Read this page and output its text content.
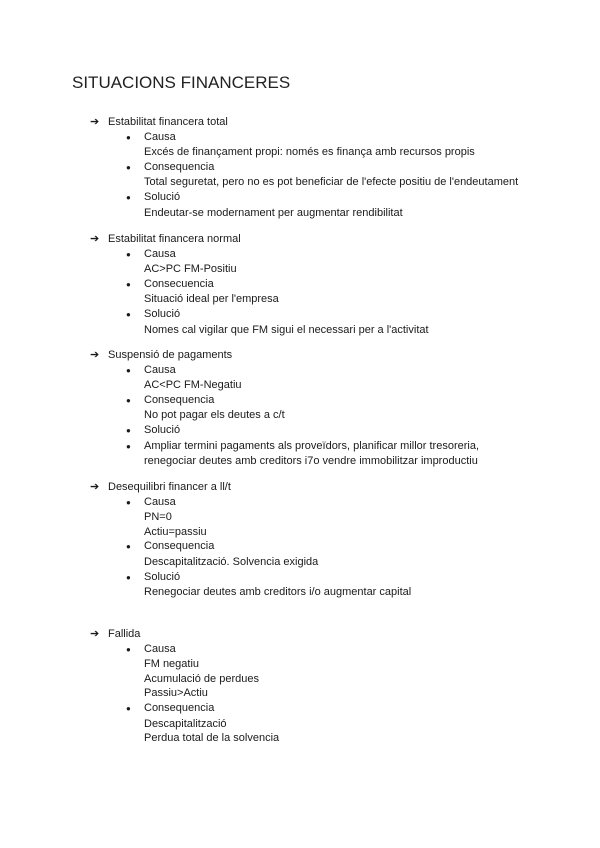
SITUACIONS FINANCERES
➔ Estabilitat financera total
●	Causa
Excés de finançament propi: només es finança amb recursos propis
●	Consequencia
Total seguretat, pero no es pot beneficiar de l'efecte positiu de l'endeutament
●	Solució
Endeutar-se modernament per augmentar rendibilitat
➔ Estabilitat financera normal
●	Causa
AC>PC FM-Positiu
●	Consecuencia
Situació ideal per l'empresa
●	Solució
Nomes cal vigilar que FM sigui el necessari per a l'activitat
➔ Suspensió de pagaments
●	Causa
AC<PC FM-Negatiu
●	Consequencia
No pot pagar els deutes a c/t
●	Solució
●	Ampliar termini pagaments als proveïdors, planificar millor tresoreria,
renegociar deutes amb creditors i7o vendre immobilitzar improductiu
➔ Desequilibri financer a ll/t
●	Causa
PN=0
Actiu=passiu
●	Consequencia
Descapitalització. Solvencia exigida
●	Solució
Renegociar deutes amb creditors i/o augmentar capital
➔ Fallida
●	Causa
FM negatiu
Acumulació de perdues
Passiu>Actiu
●	Consequencia
Descapitalització
Perdua total de la solvencia
